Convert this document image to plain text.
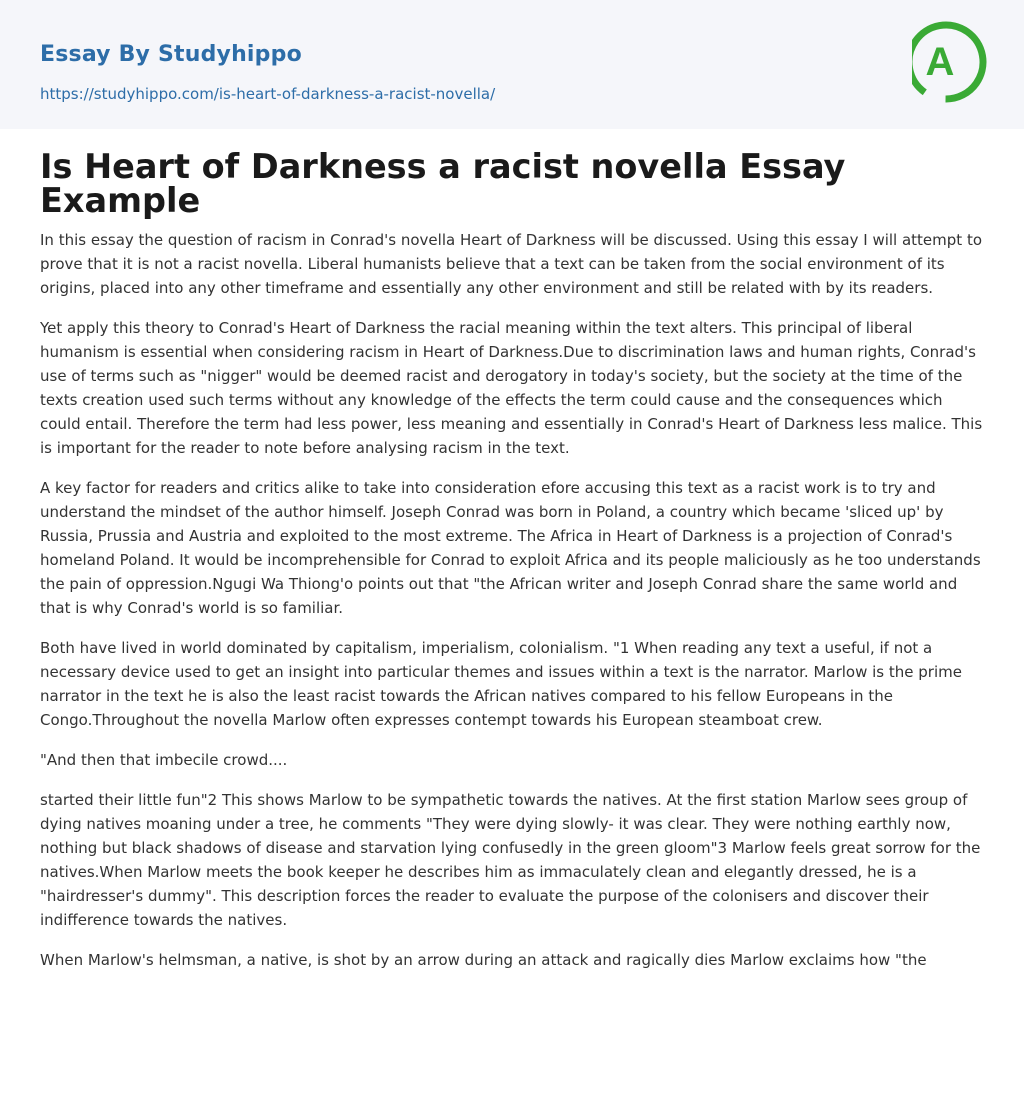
Essay By Studyhippo
https://studyhippo.com/is-heart-of-darkness-a-racist-novella/
A
Is Heart of Darkness a racist novella Essay Example

In this essay the question of racism in Conrad's novella Heart of Darkness will be discussed. Using this essay I will attempt to prove that it is not a racist novella. Liberal humanists believe that a text can be taken from the social environment of its origins, placed into any other timeframe and essentially any other environment and still be related with by its readers.

Yet apply this theory to Conrad's Heart of Darkness the racial meaning within the text alters. This principal of liberal humanism is essential when considering racism in Heart of Darkness.Due to discrimination laws and human rights, Conrad's use of terms such as "nigger" would be deemed racist and derogatory in today's society, but the society at the time of the texts creation used such terms without any knowledge of the effects the term could cause and the consequences which could entail. Therefore the term had less power, less meaning and essentially in Conrad's Heart of Darkness less malice. This is important for the reader to note before analysing racism in the text.

A key factor for readers and critics alike to take into consideration efore accusing this text as a racist work is to try and understand the mindset of the author himself. Joseph Conrad was born in Poland, a country which became 'sliced up' by Russia, Prussia and Austria and exploited to the most extreme. The Africa in Heart of Darkness is a projection of Conrad's homeland Poland. It would be incomprehensible for Conrad to exploit Africa and its people maliciously as he too understands the pain of oppression.Ngugi Wa Thiong'o points out that "the African writer and Joseph Conrad share the same world and that is why Conrad's world is so familiar.

Both have lived in world dominated by capitalism, imperialism, colonialism. "1 When reading any text a useful, if not a necessary device used to get an insight into particular themes and issues within a text is the narrator. Marlow is the prime narrator in the text he is also the least racist towards the African natives compared to his fellow Europeans in the Congo.Throughout the novella Marlow often expresses contempt towards his European steamboat crew.

"And then that imbecile crowd....

started their little fun"2 This shows Marlow to be sympathetic towards the natives. At the first station Marlow sees group of dying natives moaning under a tree, he comments "They were dying slowly- it was clear. They were nothing earthly now, nothing but black shadows of disease and starvation lying confusedly in the green gloom"3 Marlow feels great sorrow for the natives.When Marlow meets the book keeper he describes him as immaculately clean and elegantly dressed, he is a "hairdresser's dummy". This description forces the reader to evaluate the purpose of the colonisers and discover their indifference towards the natives.

When Marlow's helmsman, a native, is shot by an arrow during an attack and ragically dies Marlow exclaims how "the
